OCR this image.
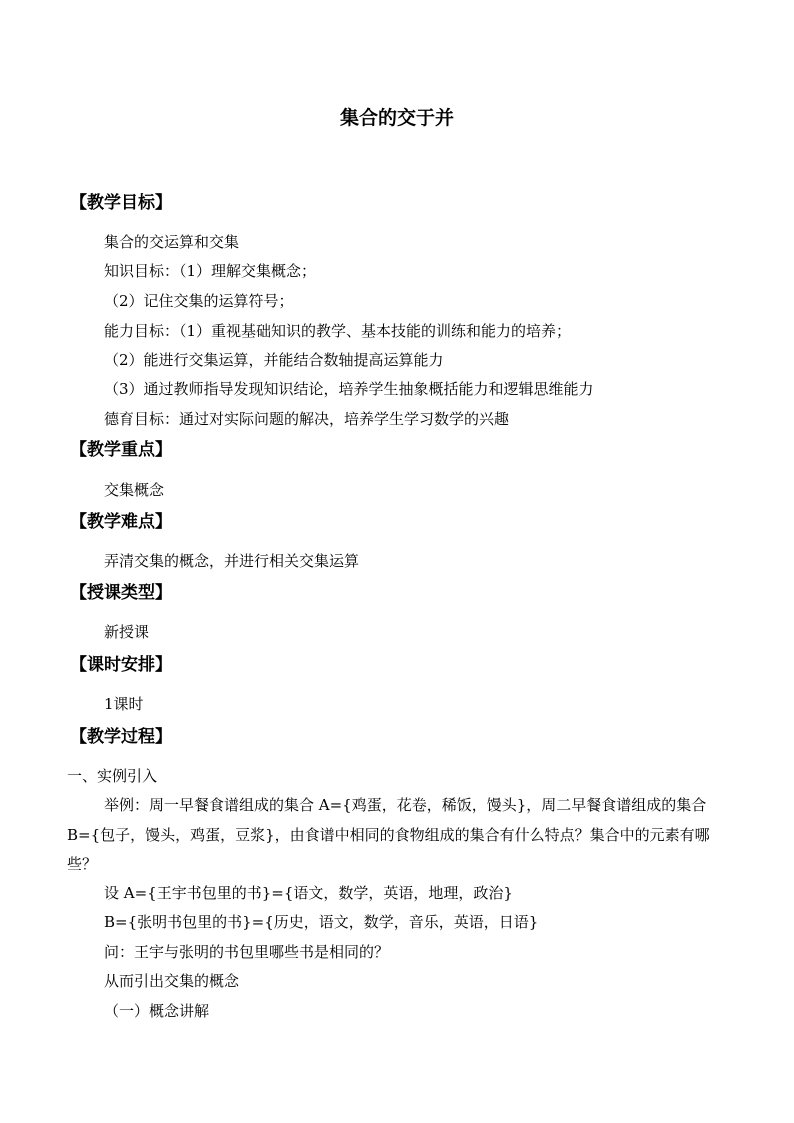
集合的交于并
【教学目标】
集合的交运算和交集
知识目标：（1）理解交集概念；
（2）记住交集的运算符号；
能力目标：（1）重视基础知识的教学、基本技能的训练和能力的培养；
（2）能进行交集运算，并能结合数轴提高运算能力
（3）通过教师指导发现知识结论，培养学生抽象概括能力和逻辑思维能力
德育目标：通过对实际问题的解决，培养学生学习数学的兴趣
【教学重点】
交集概念
【教学难点】
弄清交集的概念，并进行相关交集运算
【授课类型】
新授课
【课时安排】
1课时
【教学过程】
一、实例引入

举例：周一早餐食谱组成的集合 A={鸡蛋，花卷，稀饭，馒头}，周二早餐食谱组成的集合 B={包子，馒头，鸡蛋，豆浆}，由食谱中相同的食物组成的集合有什么特点？集合中的元素有哪些？

设 A={王宇书包里的书}={语文，数学，英语，地理，政治}
B={张明书包里的书}={历史，语文，数学，音乐，英语，日语}
问：王宇与张明的书包里哪些书是相同的？
从而引出交集的概念
（一）概念讲解
